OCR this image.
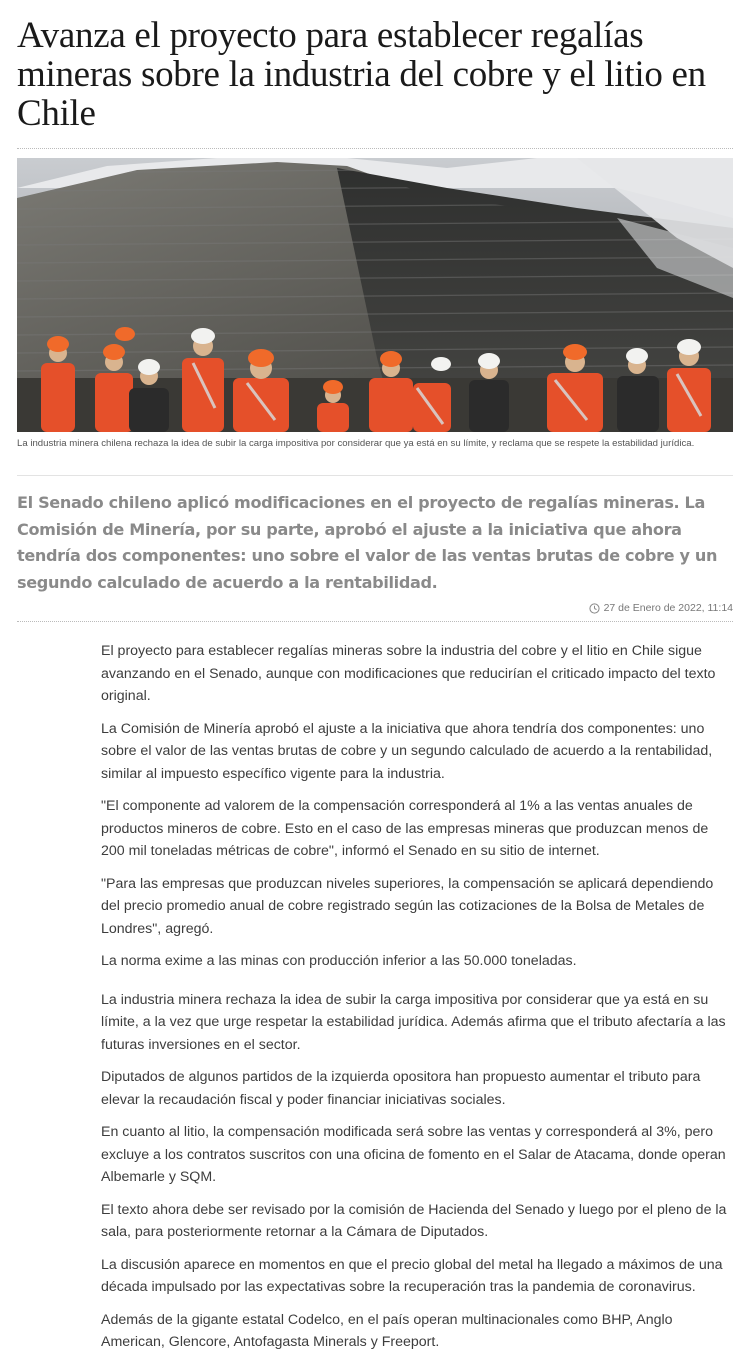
Avanza el proyecto para establecer regalías mineras sobre la industria del cobre y el litio en Chile
La industria minera chilena rechaza la idea de subir la carga impositiva por considerar que ya está en su límite, y reclama que se respete la estabilidad jurídica.
El Senado chileno aplicó modificaciones en el proyecto de regalías mineras. La Comisión de Minería, por su parte, aprobó el ajuste a la iniciativa que ahora tendría dos componentes: uno sobre el valor de las ventas brutas de cobre y un segundo calculado de acuerdo a la rentabilidad.
27 de Enero de 2022, 11:14

El proyecto para establecer regalías mineras sobre la industria del cobre y el litio en Chile sigue avanzando en el Senado, aunque con modificaciones que reducirían el criticado impacto del texto original.

La Comisión de Minería aprobó el ajuste a la iniciativa que ahora tendría dos componentes: uno sobre el valor de las ventas brutas de cobre y un segundo calculado de acuerdo a la rentabilidad, similar al impuesto específico vigente para la industria.

"El componente ad valorem de la compensación corresponderá al 1% a las ventas anuales de productos mineros de cobre. Esto en el caso de las empresas mineras que produzcan menos de 200 mil toneladas métricas de cobre", informó el Senado en su sitio de internet.

"Para las empresas que produzcan niveles superiores, la compensación se aplicará dependiendo del precio promedio anual de cobre registrado según las cotizaciones de la Bolsa de Metales de Londres", agregó.

La norma exime a las minas con producción inferior a las 50.000 toneladas.

La industria minera rechaza la idea de subir la carga impositiva por considerar que ya está en su límite, a la vez que urge respetar la estabilidad jurídica. Además afirma que el tributo afectaría a las futuras inversiones en el sector.

Diputados de algunos partidos de la izquierda opositora han propuesto aumentar el tributo para elevar la recaudación fiscal y poder financiar iniciativas sociales.

En cuanto al litio, la compensación modificada será sobre las ventas y corresponderá al 3%, pero excluye a los contratos suscritos con una oficina de fomento en el Salar de Atacama, donde operan Albemarle y SQM.

El texto ahora debe ser revisado por la comisión de Hacienda del Senado y luego por el pleno de la sala, para posteriormente retornar a la Cámara de Diputados.

La discusión aparece en momentos en que el precio global del metal ha llegado a máximos de una década impulsado por las expectativas sobre la recuperación tras la pandemia de coronavirus.

Además de la gigante estatal Codelco, en el país operan multinacionales como BHP, Anglo American, Glencore, Antofagasta Minerals y Freeport.
